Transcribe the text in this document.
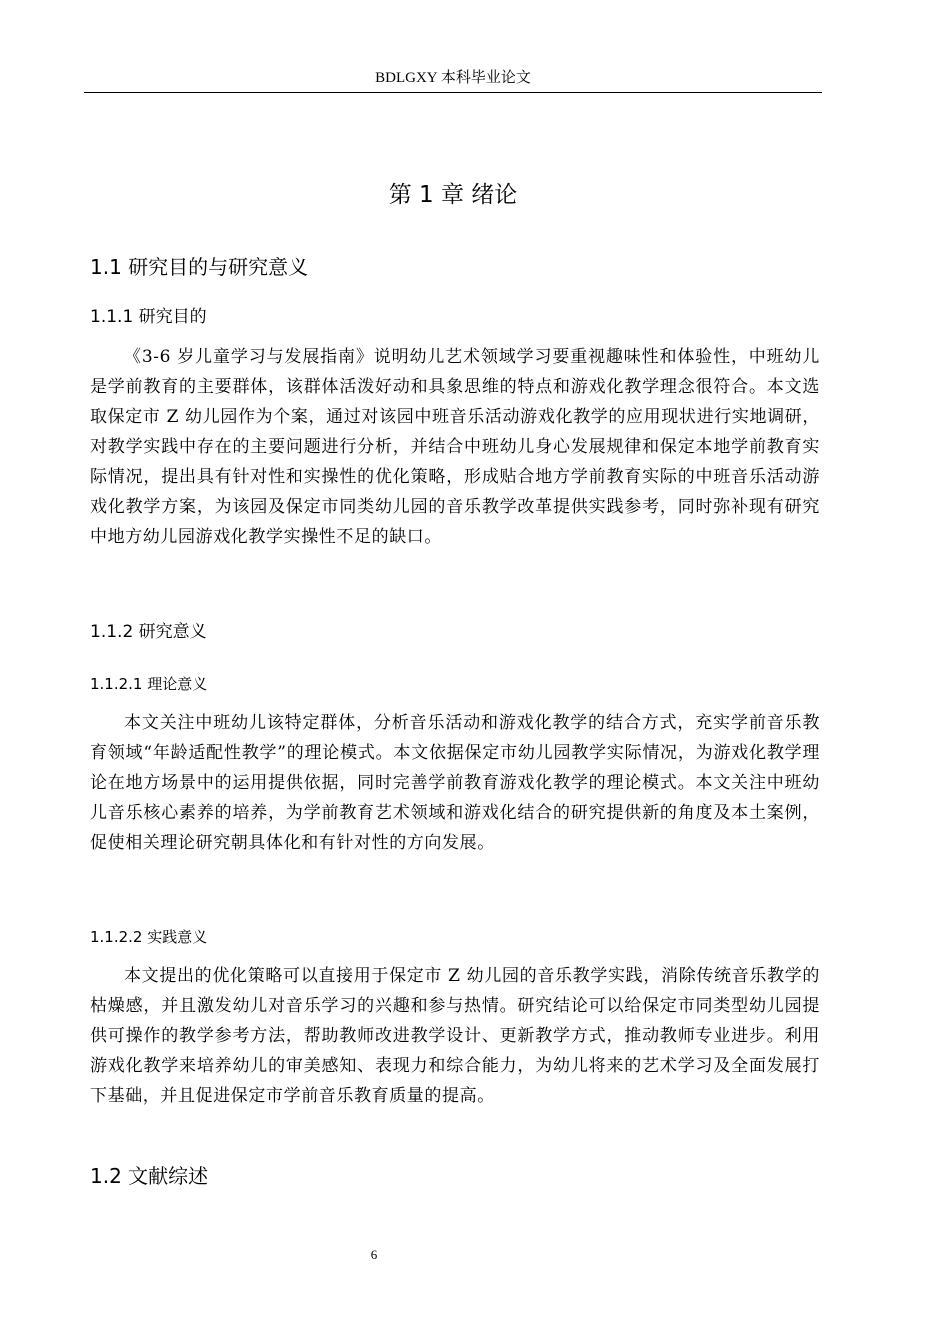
BDLGXY 本科毕业论文
第 1 章 绪论
1.1 研究目的与研究意义
1.1.1 研究目的

《3-6 岁儿童学习与发展指南》说明幼儿艺术领域学习要重视趣味性和体验性，中班幼儿是学前教育的主要群体，该群体活泼好动和具象思维的特点和游戏化教学理念很符合。本文选取保定市 Z 幼儿园作为个案，通过对该园中班音乐活动游戏化教学的应用现状进行实地调研，对教学实践中存在的主要问题进行分析，并结合中班幼儿身心发展规律和保定本地学前教育实际情况，提出具有针对性和实操性的优化策略，形成贴合地方学前教育实际的中班音乐活动游戏化教学方案，为该园及保定市同类幼儿园的音乐教学改革提供实践参考，同时弥补现有研究中地方幼儿园游戏化教学实操性不足的缺口。

1.1.2 研究意义
1.1.2.1 理论意义

本文关注中班幼儿该特定群体，分析音乐活动和游戏化教学的结合方式，充实学前音乐教育领域“年龄适配性教学”的理论模式。本文依据保定市幼儿园教学实际情况，为游戏化教学理论在地方场景中的运用提供依据，同时完善学前教育游戏化教学的理论模式。本文关注中班幼儿音乐核心素养的培养，为学前教育艺术领域和游戏化结合的研究提供新的角度及本土案例，促使相关理论研究朝具体化和有针对性的方向发展。

1.1.2.2 实践意义

本文提出的优化策略可以直接用于保定市 Z 幼儿园的音乐教学实践，消除传统音乐教学的枯燥感，并且激发幼儿对音乐学习的兴趣和参与热情。研究结论可以给保定市同类型幼儿园提供可操作的教学参考方法，帮助教师改进教学设计、更新教学方式，推动教师专业进步。利用游戏化教学来培养幼儿的审美感知、表现力和综合能力，为幼儿将来的艺术学习及全面发展打下基础，并且促进保定市学前音乐教育质量的提高。

1.2 文献综述
6
